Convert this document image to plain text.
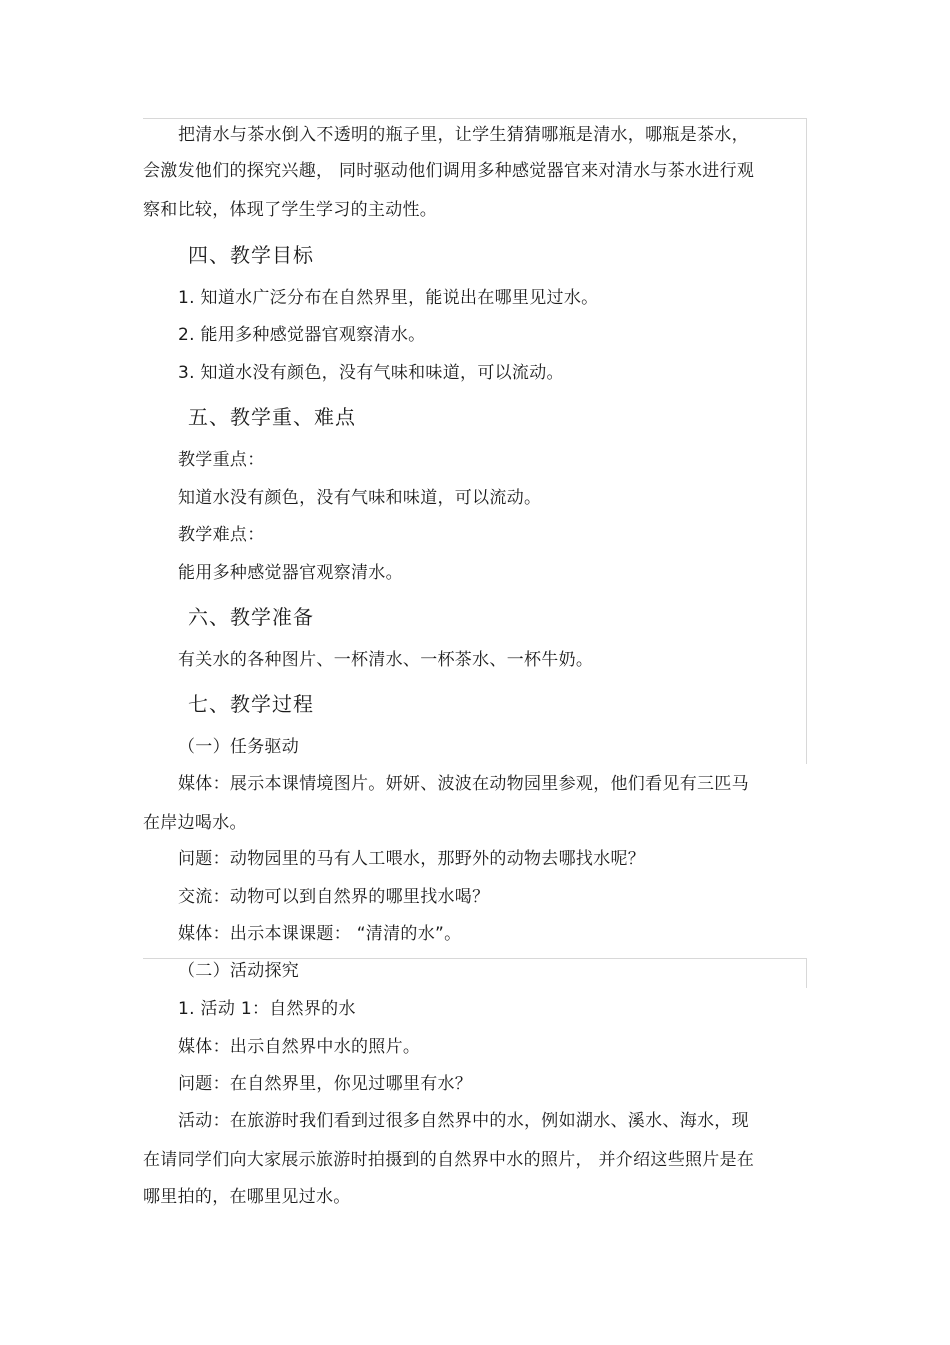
把清水与茶水倒入不透明的瓶子里，让学生猜猜哪瓶是清水，哪瓶是茶水，
会激发他们的探究兴趣， 同时驱动他们调用多种感觉器官来对清水与茶水进行观
察和比较，体现了学生学习的主动性。
四、教学目标
1. 知道水广泛分布在自然界里，能说出在哪里见过水。
2. 能用多种感觉器官观察清水。
3. 知道水没有颜色，没有气味和味道，可以流动。
五、教学重、难点
教学重点：
知道水没有颜色，没有气味和味道，可以流动。
教学难点：
能用多种感觉器官观察清水。
六、教学准备
有关水的各种图片、一杯清水、一杯茶水、一杯牛奶。
七、教学过程
（一）任务驱动
媒体：展示本课情境图片。妍妍、波波在动物园里参观，他们看见有三匹马
在岸边喝水。
问题：动物园里的马有人工喂水，那野外的动物去哪找水呢？
交流：动物可以到自然界的哪里找水喝？
媒体：出示本课课题： “清清的水”。
（二）活动探究
1. 活动 1：自然界的水
媒体：出示自然界中水的照片。
问题：在自然界里，你见过哪里有水？
活动：在旅游时我们看到过很多自然界中的水，例如湖水、溪水、海水，现
在请同学们向大家展示旅游时拍摄到的自然界中水的照片， 并介绍这些照片是在
哪里拍的，在哪里见过水。
